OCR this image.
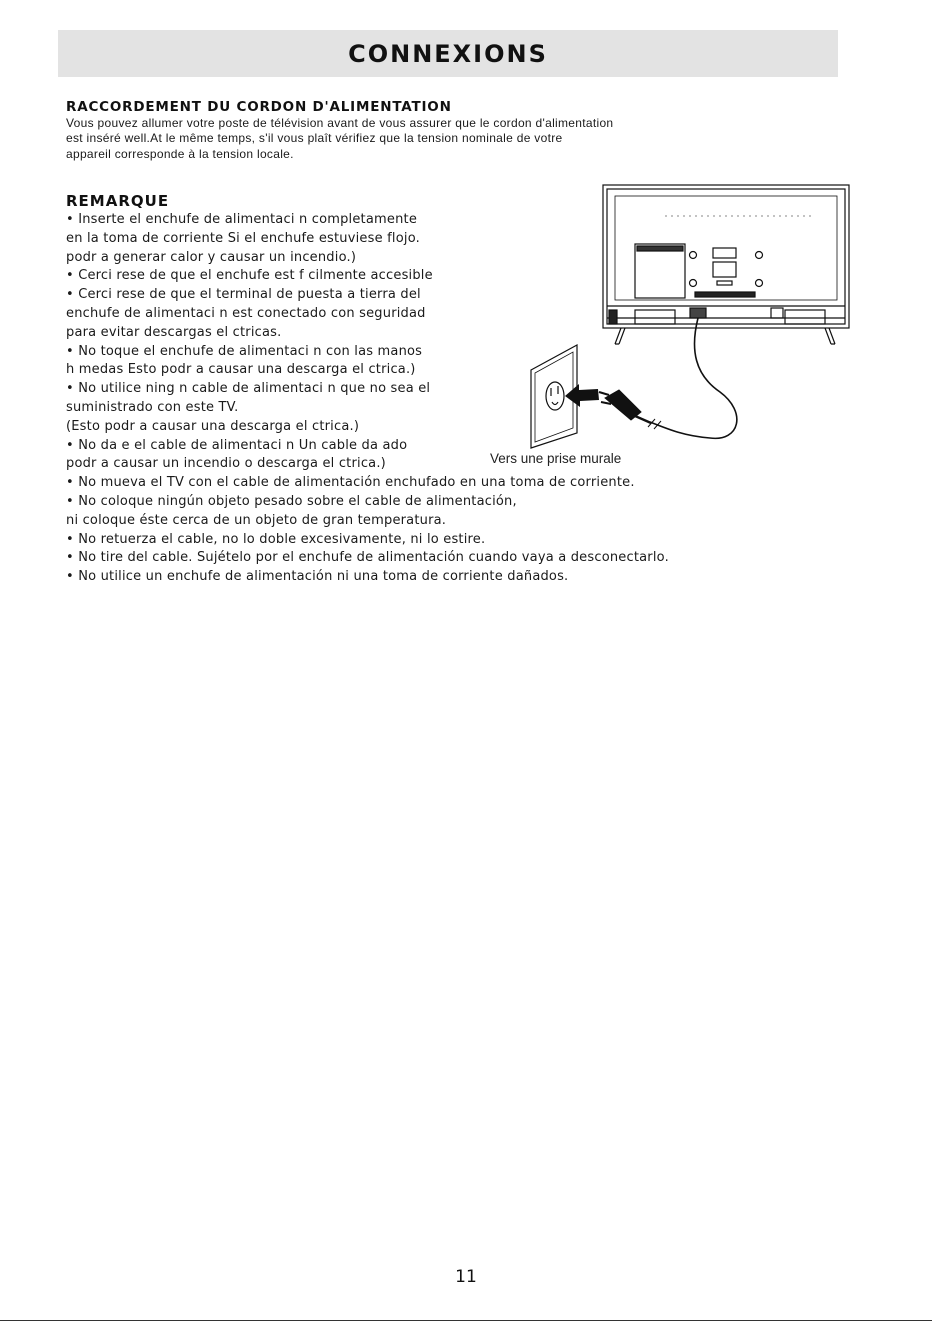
CONNEXIONS
RACCORDEMENT DU CORDON D'ALIMENTATION
Vous pouvez allumer votre poste de télévision avant de vous assurer que le cordon d'alimentation
est inséré well.At le même temps, s'il vous plaît vérifiez que la tension nominale de votre
appareil corresponde à la tension locale.
REMARQUE
• Inserte el enchufe de alimentaci n completamente
en la toma de corriente Si el enchufe estuviese flojo.
podr a generar calor y causar un incendio.)
• Cerci rese de que el enchufe est f cilmente accesible
• Cerci rese de que el terminal de puesta a tierra del
enchufe de alimentaci n est conectado con seguridad
para evitar descargas el ctricas.
• No toque el enchufe de alimentaci n con las manos
h medas Esto podr a causar una descarga el ctrica.)
• No utilice ning n cable de alimentaci n que no sea el
suministrado con este TV.
(Esto podr a causar una descarga el ctrica.)
• No da e el cable de alimentaci n Un cable da ado
podr a causar un incendio o descarga el ctrica.)
• No mueva el TV con el cable de alimentación enchufado en una toma de corriente.
• No coloque ningún objeto pesado sobre el cable de alimentación,
ni coloque éste cerca de un objeto de gran temperatura.
• No retuerza el cable, no lo doble excesivamente, ni lo estire.
• No tire del cable. Sujételo por el enchufe de alimentación cuando vaya a desconectarlo.
• No utilice un enchufe de alimentación ni una toma de corriente dañados.
Vers une prise murale
11
